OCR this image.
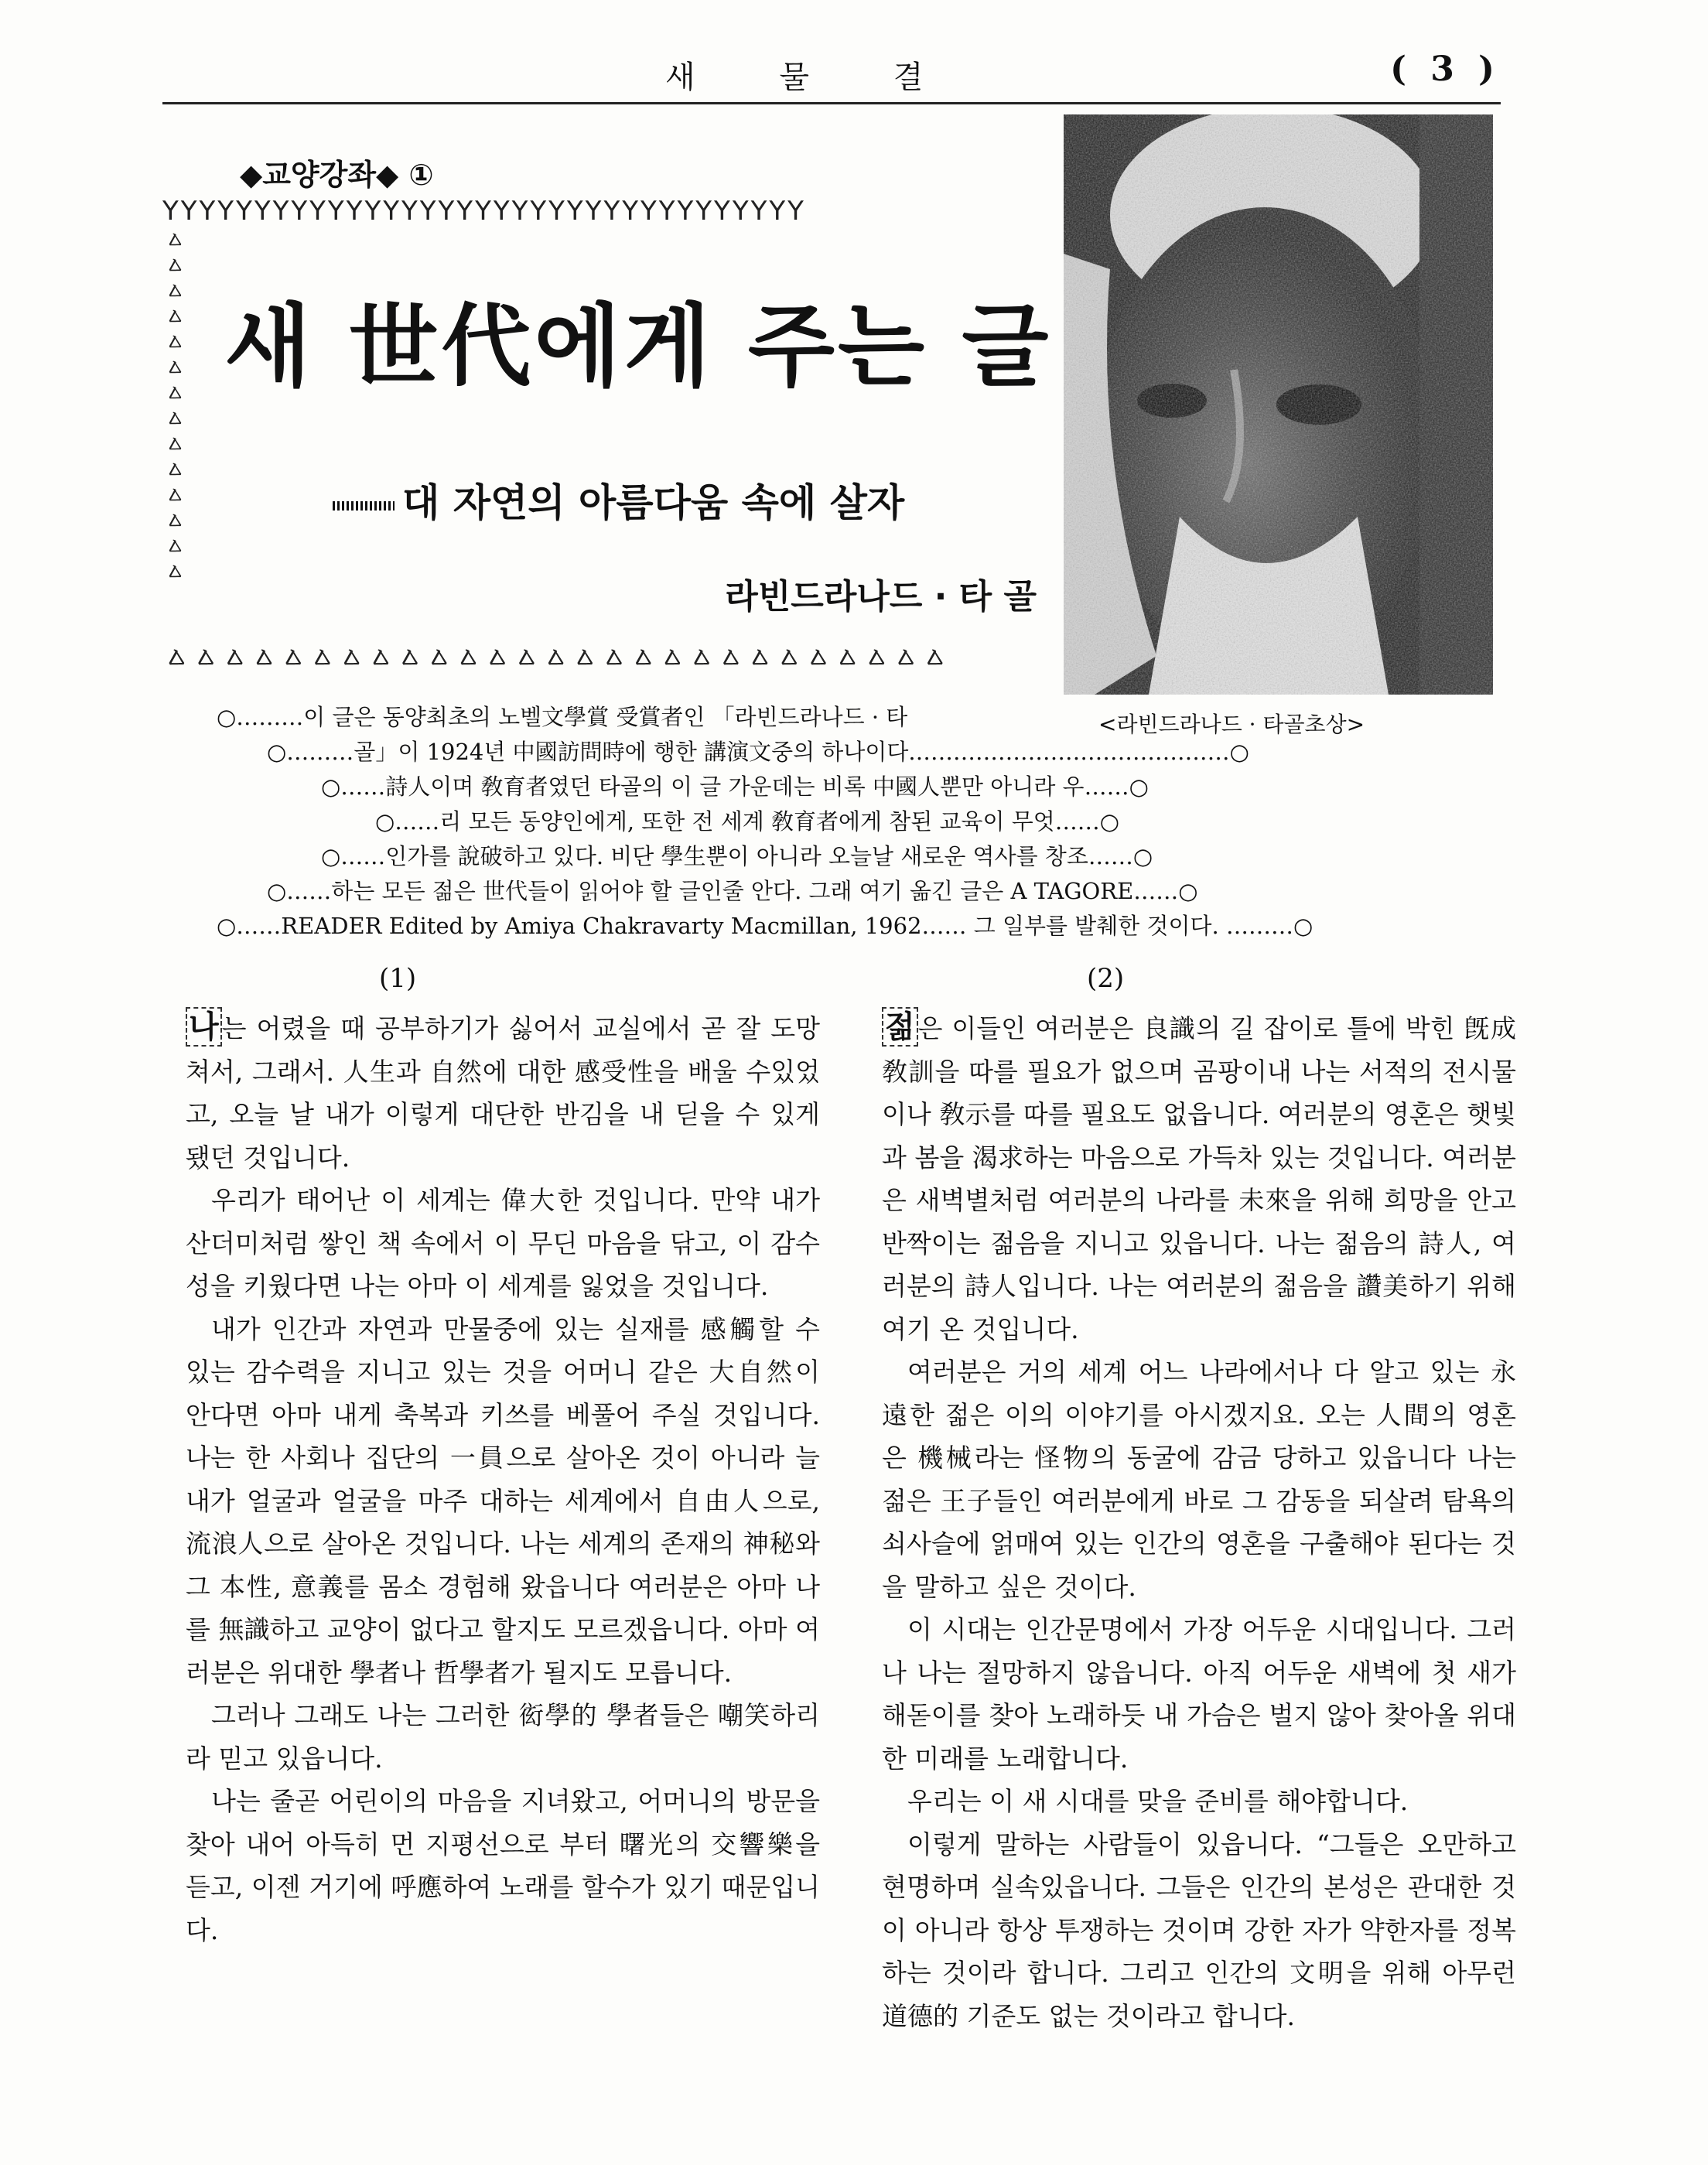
새 물 결	( 3 )
◆교양강좌◆ ①
YYYYYYYYYYYYYYYYYYYYYYYYYYYYYYYYYYY
ㅿㅿㅿㅿㅿㅿㅿㅿㅿㅿㅿㅿㅿㅿ
ㅿㅿㅿㅿㅿㅿㅿㅿㅿㅿㅿㅿㅿㅿㅿㅿㅿㅿㅿㅿㅿㅿㅿㅿㅿㅿㅿ
새 世代에게 주는 글
대 자연의 아름다움 속에 살자
라빈드라나드 · 타 골
<라빈드라나드 · 타골초상>
○………이 글은 동양최초의 노벨文學賞 受賞者인 「라빈드라나드 · 타
○………골」이 1924년 中國訪問時에 행한 講演文중의 하나이다.……………………………………○
○……詩人이며 敎育者였던 타골의 이 글 가운데는 비록 中國人뿐만 아니라 우……○
○……리 모든 동양인에게, 또한 전 세계 敎育者에게 참된 교육이 무엇……○
○……인가를 說破하고 있다. 비단 學生뿐이 아니라 오늘날 새로운 역사를 창조……○
○……하는 모든 젊은 世代들이 읽어야 할 글인줄 안다. 그래 여기 옮긴 글은 A TAGORE……○
○……READER Edited by Amiya Chakravarty Macmillan, 1962…… 그 일부를 발췌한 것이다. ………○
(1)	(2)

나 는 어렸을 때 공부하기가 싫어서 교실에서 곧 잘 도망쳐서, 그래서. 人生과 自然에 대한 感受性을 배울 수있었고, 오늘 날 내가 이렇게 대단한 반김을 내 딛을 수 있게 됐던 것입니다.

우리가 태어난 이 세계는 偉大한 것입니다. 만약 내가 산더미처럼 쌓인 책 속에서 이 무딘 마음을 닦고, 이 감수성을 키웠다면 나는 아마 이 세계를 잃었을 것입니다.

내가 인간과 자연과 만물중에 있는 실재를 感觸할 수 있는 감수력을 지니고 있는 것을 어머니 같은 大自然이 안다면 아마 내게 축복과 키쓰를 베풀어 주실 것입니다. 나는 한 사회나 집단의 一員으로 살아온 것이 아니라 늘 내가 얼굴과 얼굴을 마주 대하는 세계에서 自由人으로, 流浪人으로 살아온 것입니다. 나는 세계의 존재의 神秘와 그 本性, 意義를 몸소 경험해 왔읍니다 여러분은 아마 나를 無識하고 교양이 없다고 할지도 모르겠읍니다. 아마 여러분은 위대한 學者나 哲學者가 될지도 모릅니다.

그러나 그래도 나는 그러한 衒學的 學者들은 嘲笑하리라 믿고 있읍니다.

나는 줄곧 어린이의 마음을 지녀왔고, 어머니의 방문을 찾아 내어 아득히 먼 지평선으로 부터 曙光의 交響樂을 듣고, 이젠 거기에 呼應하여 노래를 할수가 있기 때문입니다.

젊 은 이들인 여러분은 良識의 길 잡이로 틀에 박힌 旣成敎訓을 따를 필요가 없으며 곰팡이내 나는 서적의 전시물이나 敎示를 따를 필요도 없읍니다. 여러분의 영혼은 햇빛과 봄을 渴求하는 마음으로 가득차 있는 것입니다. 여러분은 새벽별처럼 여러분의 나라를 未來을 위해 희망을 안고 반짝이는 젊음을 지니고 있읍니다. 나는 젊음의 詩人, 여러분의 詩人입니다. 나는 여러분의 젊음을 讚美하기 위해 여기 온 것입니다.

여러분은 거의 세계 어느 나라에서나 다 알고 있는 永遠한 젊은 이의 이야기를 아시겠지요. 오는 人間의 영혼은 機械라는 怪物의 동굴에 감금 당하고 있읍니다 나는 젊은 王子들인 여러분에게 바로 그 감동을 되살려 탐욕의 쇠사슬에 얽매여 있는 인간의 영혼을 구출해야 된다는 것을 말하고 싶은 것이다.

이 시대는 인간문명에서 가장 어두운 시대입니다. 그러나 나는 절망하지 않읍니다. 아직 어두운 새벽에 첫 새가 해돋이를 찾아 노래하듯 내 가슴은 벌지 않아 찾아올 위대한 미래를 노래합니다.

우리는 이 새 시대를 맞을 준비를 해야합니다.

이렇게 말하는 사람들이 있읍니다. “그들은 오만하고 현명하며 실속있읍니다. 그들은 인간의 본성은 관대한 것이 아니라 항상 투쟁하는 것이며 강한 자가 약한자를 정복하는 것이라 합니다. 그리고 인간의 文明을 위해 아무런 道德的 기준도 없는 것이라고 합니다.
